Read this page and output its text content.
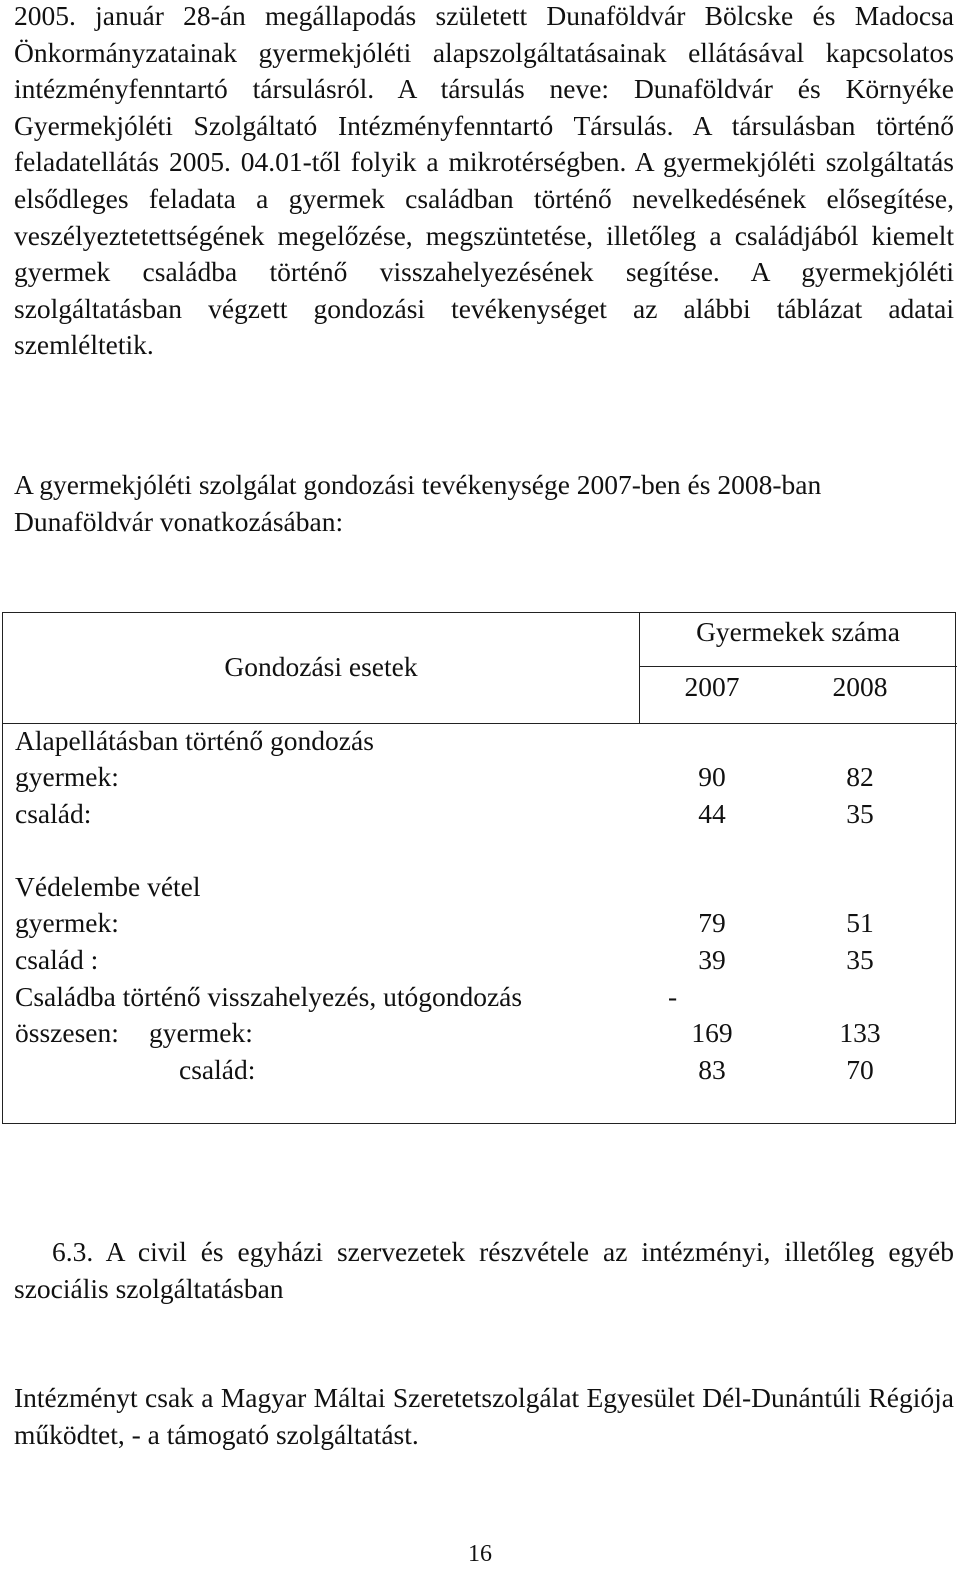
2005. január 28-án megállapodás született Dunaföldvár Bölcske és Madocsa Önkormányzatainak gyermekjóléti alapszolgáltatásainak ellátásával kapcsolatos intézményfenntartó társulásról. A társulás neve: Dunaföldvár és Környéke Gyermekjóléti Szolgáltató Intézményfenntartó Társulás. A társulásban történő feladatellátás 2005. 04.01-től folyik a mikrotérségben. A gyermekjóléti szolgáltatás elsődleges feladata a gyermek családban történő nevelkedésének elősegítése, veszélyeztetettségének megelőzése, megszüntetése, illetőleg a családjából kiemelt gyermek családba történő visszahelyezésének segítése. A gyermekjóléti szolgáltatásban végzett gondozási tevékenységet az alábbi táblázat adatai szemléltetik.

A gyermekjóléti szolgálat gondozási tevékenysége 2007-ben és 2008-ban Dunaföldvár vonatkozásában:

Gondozási esetek
Gyermekek száma
2007	2008
Alapellátásban történő gondozás
gyermek:	90	82
család:	44	35
Védelembe vétel
gyermek:	79	51
család :	39	35
Családba történő visszahelyezés, utógondozás	-
összesen: gyermek:	169	133
család:	83	70

6.3. A civil és egyházi szervezetek részvétele az intézményi, illetőleg egyéb szociális szolgáltatásban

Intézményt csak a Magyar Máltai Szeretetszolgálat Egyesület Dél-Dunántúli Régiója működtet, - a támogató szolgáltatást.

16
